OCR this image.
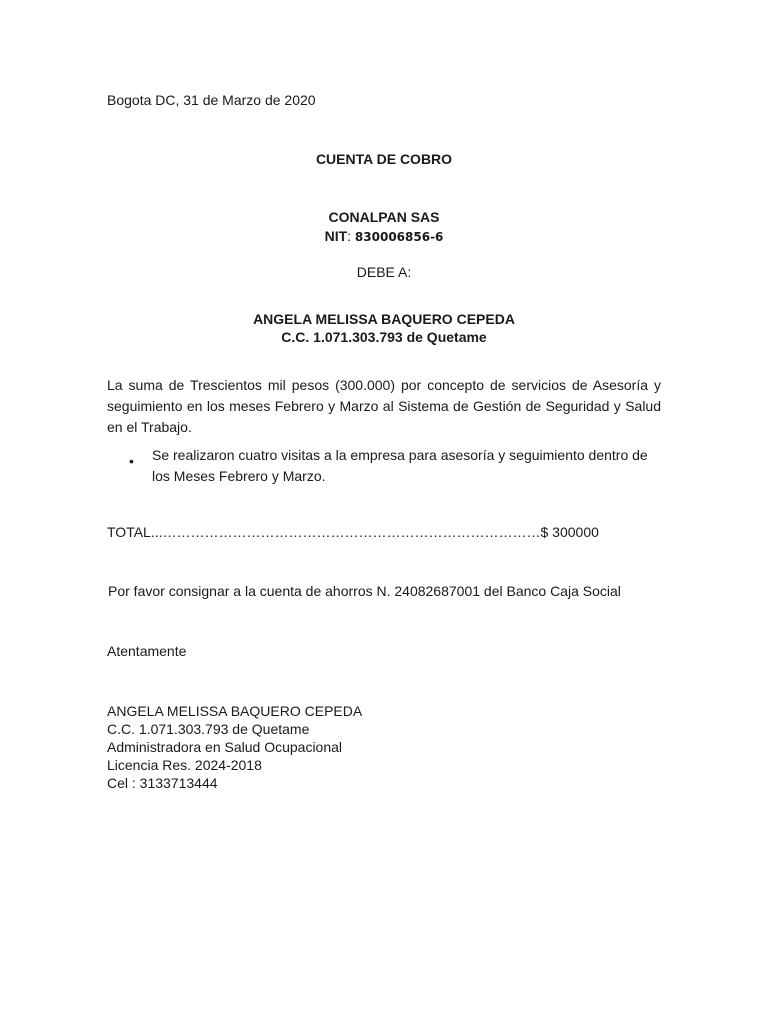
Bogota DC, 31 de Marzo de 2020
CUENTA DE COBRO
CONALPAN SAS
NIT: 830006856-6
DEBE A:
ANGELA MELISSA BAQUERO CEPEDA
C.C. 1.071.303.793 de Quetame
La suma de Trescientos mil pesos (300.000) por concepto de servicios de Asesoría y seguimiento en los meses Febrero y Marzo al Sistema de Gestión de Seguridad y Salud en el Trabajo.
• Se realizaron cuatro visitas a la empresa para asesoría y seguimiento dentro de los Meses Febrero y Marzo.
TOTAL...………………………………………………………………………$ 300000
Por favor consignar a la cuenta de ahorros N. 24082687001 del Banco Caja Social
Atentamente
ANGELA MELISSA BAQUERO CEPEDA
C.C. 1.071.303.793 de Quetame
Administradora en Salud Ocupacional
Licencia Res. 2024-2018
Cel : 3133713444
